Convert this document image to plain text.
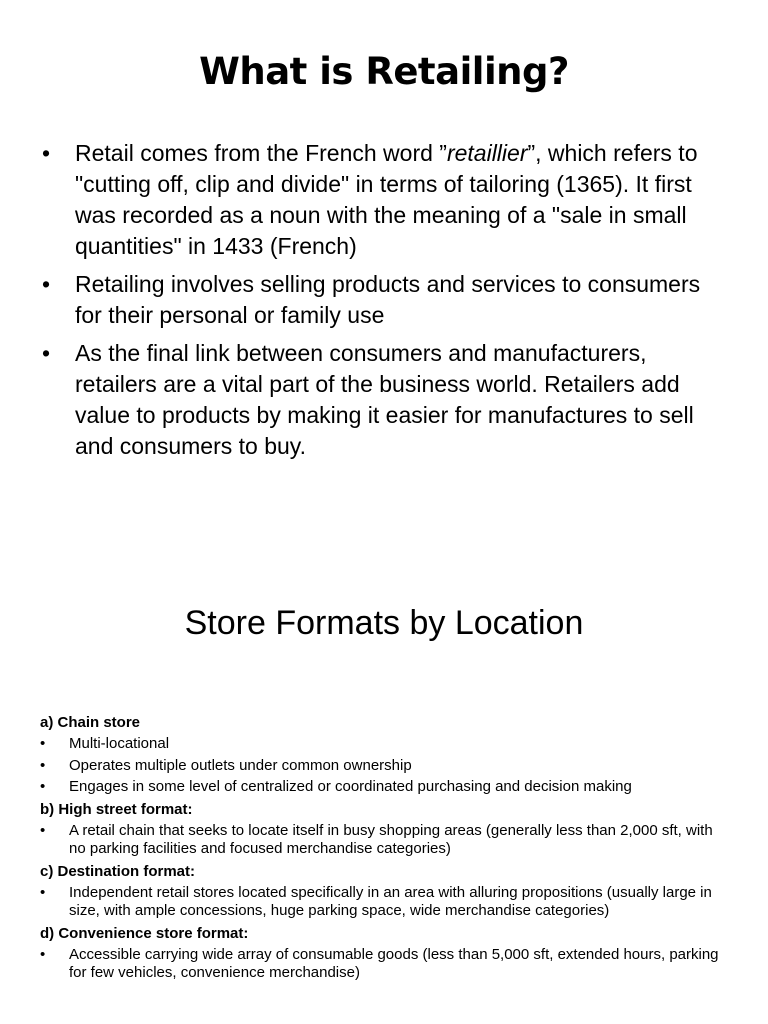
What is Retailing?
• Retail comes from the French word ”retaillier”, which refers to "cutting off, clip and divide" in terms of tailoring (1365). It first was recorded as a noun with the meaning of a "sale in small quantities" in 1433 (French)
• Retailing involves selling products and services to consumers for their personal or family use
• As the final link between consumers and manufacturers, retailers are a vital part of the business world. Retailers add value to products by making it easier for manufactures to sell and consumers to buy.
Store Formats by Location
a) Chain store
• Multi-locational
• Operates multiple outlets under common ownership
• Engages in some level of centralized or coordinated purchasing and decision making
b) High street format:
• A retail chain that seeks to locate itself in busy shopping areas (generally less than 2,000 sft, with no parking facilities and focused merchandise categories)
c) Destination format:
• Independent retail stores located specifically in an area with alluring propositions (usually large in size, with ample concessions, huge parking space, wide merchandise categories)
d) Convenience store format:
• Accessible carrying wide array of consumable goods (less than 5,000 sft, extended hours, parking for few vehicles, convenience merchandise)
